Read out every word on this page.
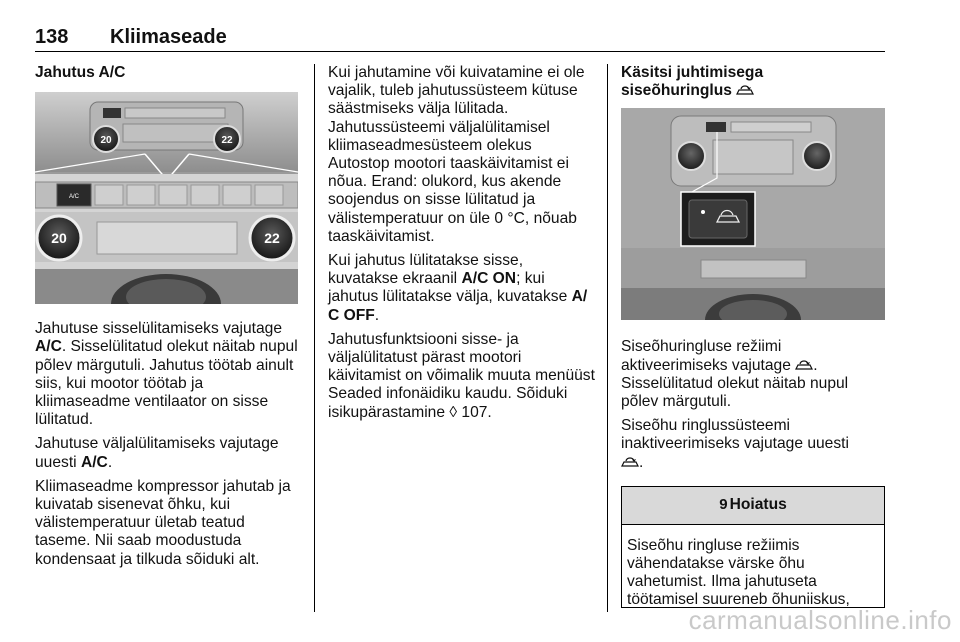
138 Kliimaseade
Jahutus A/C
20	22
A/C
20	22
Jahutuse sisselülitamiseks vajutage A/C. Sisselülitatud olekut näitab nupul põlev märgutuli. Jahutus töötab ainult siis, kui mootor töötab ja kliimaseadme ventilaator on sisse lülitatud.
Jahutuse väljalülitamiseks vajutage uuesti A/C.
Kliimaseadme kompressor jahutab ja kuivatab sisenevat õhku, kui välistemperatuur ületab teatud taseme. Nii saab moodustuda kondensaat ja tilkuda sõiduki alt.
Kui jahutamine või kuivatamine ei ole vajalik, tuleb jahutussüsteem kütuse säästmiseks välja lülitada.
Jahutussüsteemi väljalülitamisel kliimaseadmesüsteem olekus Autostop mootori taaskäivitamist ei nõua. Erand: olukord, kus akende soojendus on sisse lülitatud ja välistemperatuur on üle 0 °C, nõuab taaskäivitamist.
Kui jahutus lülitatakse sisse, kuvatakse ekraanil A/C ON; kui jahutus lülitatakse välja, kuvatakse A/ C OFF.
Jahutusfunktsiooni sisse- ja väljalülitatust pärast mootori käivitamist on võimalik muuta menüüst Seaded infonäidiku kaudu. Sõiduki isikupärastamine ◊ 107.
Käsitsi juhtimisega
siseõhuringlus
Siseõhuringluse režiimi aktiveerimiseks vajutage .
Sisselülitatud olekut näitab nupul põlev märgutuli.
Siseõhu ringlussüsteemi inaktiveerimiseks vajutage uuesti
.
9 Hoiatus
Siseõhu ringluse režiimis vähendatakse värske õhu vahetumist. Ilma jahutuseta töötamisel suureneb õhuniiskus,
carmanualsonline.info
